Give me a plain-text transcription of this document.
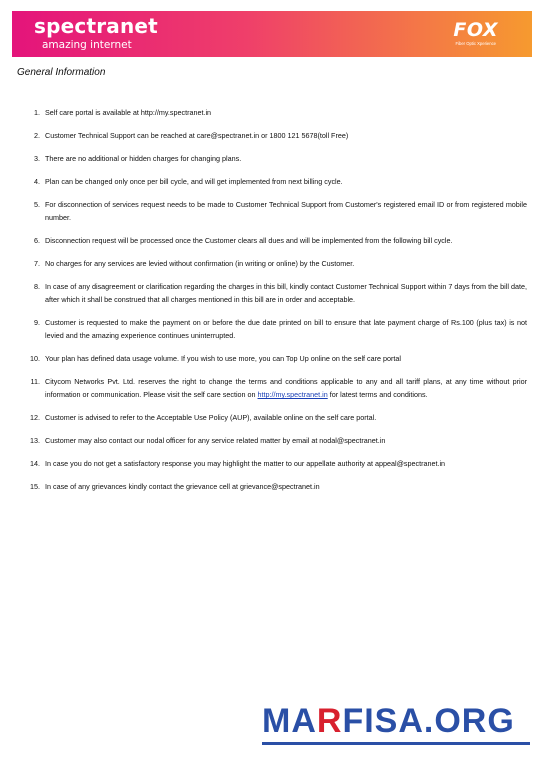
spectranet
amazing internet
FOX
Fiber Optic Xperience
General Information
1. Self care portal is available at http://my.spectranet.in
2. Customer Technical Support can be reached at care@spectranet.in or 1800 121 5678(toll Free)
3. There are no additional or hidden charges for changing plans.
4. Plan can be changed only once per bill cycle, and will get implemented from next billing cycle.
5. For disconnection of services request needs to be made to Customer Technical Support from Customer's registered email ID or from registered mobile number.
6. Disconnection request will be processed once the Customer clears all dues and will be implemented from the following bill cycle.
7. No charges for any services are levied without confirmation (in writing or online) by the Customer.
8. In case of any disagreement or clarification regarding the charges in this bill, kindly contact Customer Technical Support within 7 days from the bill date, after which it shall be construed that all charges mentioned in this bill are in order and acceptable.
9. Customer is requested to make the payment on or before the due date printed on bill to ensure that late payment charge of Rs.100 (plus tax) is not levied and the amazing experience continues uninterrupted.
10. Your plan has defined data usage volume. If you wish to use more, you can Top Up online on the self care portal
11. Citycom Networks Pvt. Ltd. reserves the right to change the terms and conditions applicable to any and all tariff plans, at any time without prior information or communication. Please visit the self care section on http://my.spectranet.in for latest terms and conditions.
12. Customer is advised to refer to the Acceptable Use Policy (AUP), available online on the self care portal.
13. Customer may also contact our nodal officer for any service related matter by email at nodal@spectranet.in
14. In case you do not get a satisfactory response you may highlight the matter to our appellate authority at appeal@spectranet.in
15. In case of any grievances kindly contact the grievance cell at grievance@spectranet.in
MARFISA.ORG
